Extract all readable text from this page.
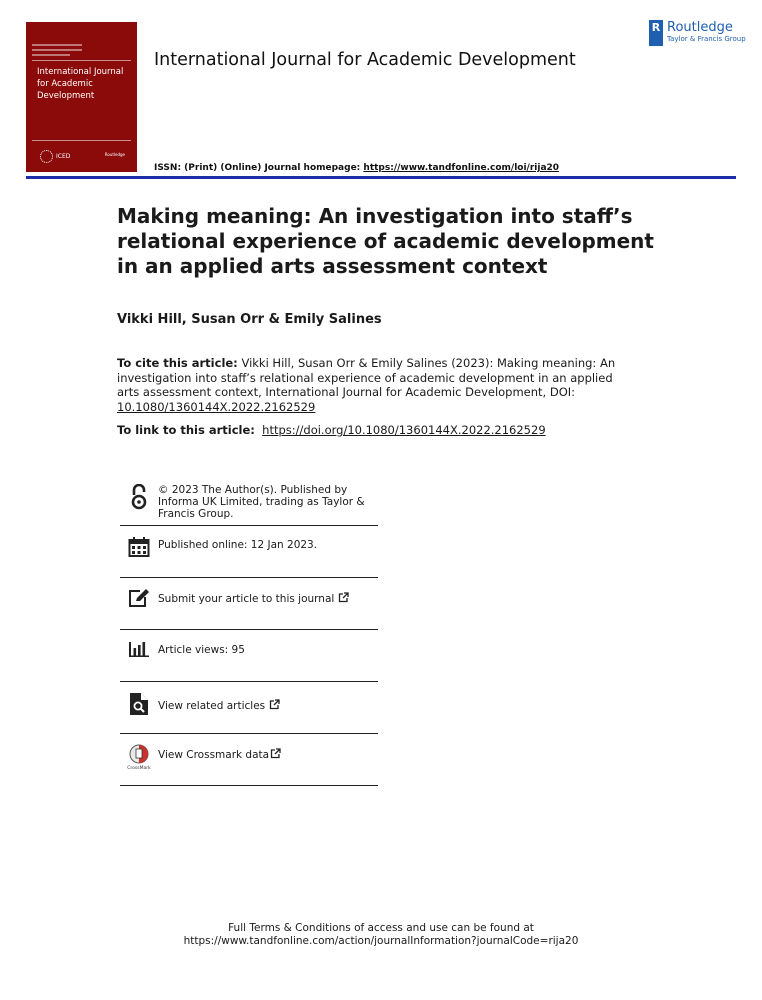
International Journal for Academic Development
ICED	Routledge
International Journal for Academic Development
R Routledge
Taylor & Francis Group
ISSN: (Print) (Online) Journal homepage: https://www.tandfonline.com/loi/rija20
Making meaning: An investigation into staff’s relational experience of academic development in an applied arts assessment context
Vikki Hill, Susan Orr & Emily Salines
To cite this article: Vikki Hill, Susan Orr & Emily Salines (2023): Making meaning: An investigation into staff’s relational experience of academic development in an applied arts assessment context, International Journal for Academic Development, DOI: 10.1080/1360144X.2022.2162529
To link to this article: https://doi.org/10.1080/1360144X.2022.2162529
© 2023 The Author(s). Published by Informa UK Limited, trading as Taylor & Francis Group.
Published online: 12 Jan 2023.
Submit your article to this journal
Article views: 95
View related articles
CrossMark
View Crossmark data
Full Terms & Conditions of access and use can be found at
https://www.tandfonline.com/action/journalInformation?journalCode=rija20
